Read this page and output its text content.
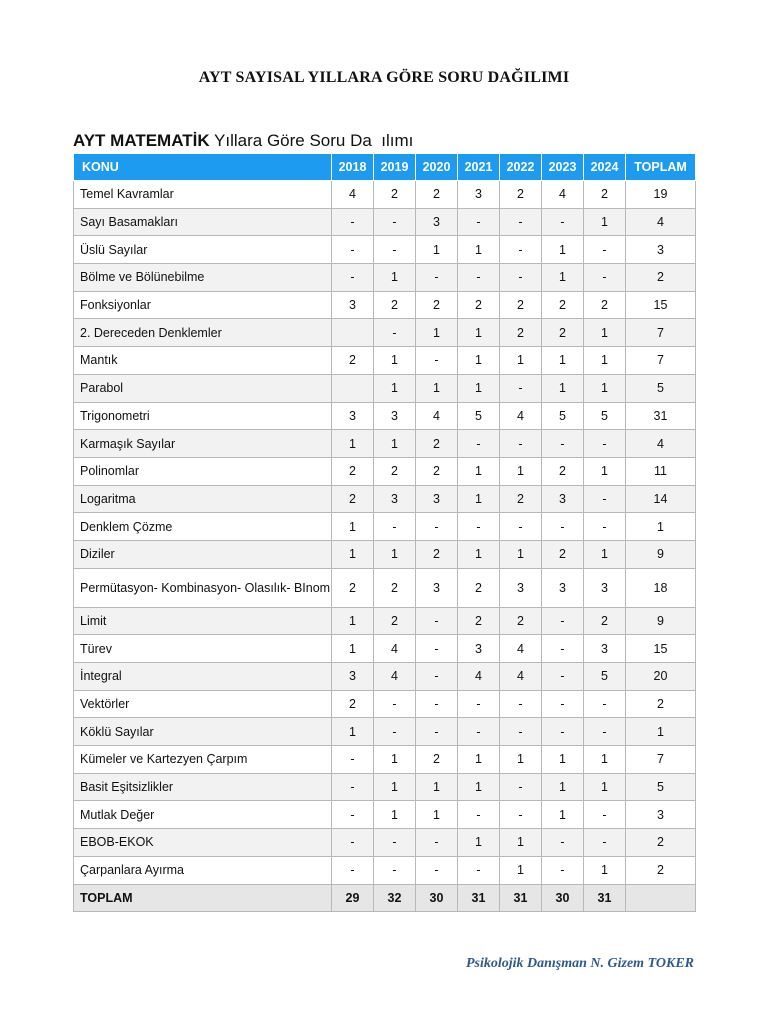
AYT SAYISAL YILLARA GÖRE SORU DAĞILIMI
AYT MATEMATİK Yıllara Göre Soru Da  ılımı
KONU	2018	2019	2020	2021	2022	2023	2024	TOPLAM
Temel Kavramlar	4	2	2	3	2	4	2	19
Sayı Basamakları	-	-	3	-	-	-	1	4
Üslü Sayılar	-	-	1	1	-	1	-	3
Bölme ve Bölünebilme	-	1	-	-	-	1	-	2
Fonksiyonlar	3	2	2	2	2	2	2	15
2. Dereceden Denklemler		-	1	1	2	2	1	7
Mantık	2	1	-	1	1	1	1	7
Parabol		1	1	1	-	1	1	5
Trigonometri	3	3	4	5	4	5	5	31
Karmaşık Sayılar	1	1	2	-	-	-	-	4
Polinomlar	2	2	2	1	1	2	1	11
Logaritma	2	3	3	1	2	3	-	14
Denklem Çözme	1	-	-	-	-	-	-	1
Diziler	1	1	2	1	1	2	1	9
Permütasyon- Kombinasyon- Olasılık- BInom	2	2	3	2	3	3	3	18
Limit	1	2	-	2	2	-	2	9
Türev	1	4	-	3	4	-	3	15
İntegral	3	4	-	4	4	-	5	20
Vektörler	2	-	-	-	-	-	-	2
Köklü Sayılar	1	-	-	-	-	-	-	1
Kümeler ve Kartezyen Çarpım	-	1	2	1	1	1	1	7
Basit Eşitsizlikler	-	1	1	1	-	1	1	5
Mutlak Değer	-	1	1	-	-	1	-	3
EBOB-EKOK	-	-	-	1	1	-	-	2
Çarpanlara Ayırma	-	-	-	-	1	-	1	2
TOPLAM	29	32	30	31	31	30	31	
Psikolojik Danışman N. Gizem TOKER
